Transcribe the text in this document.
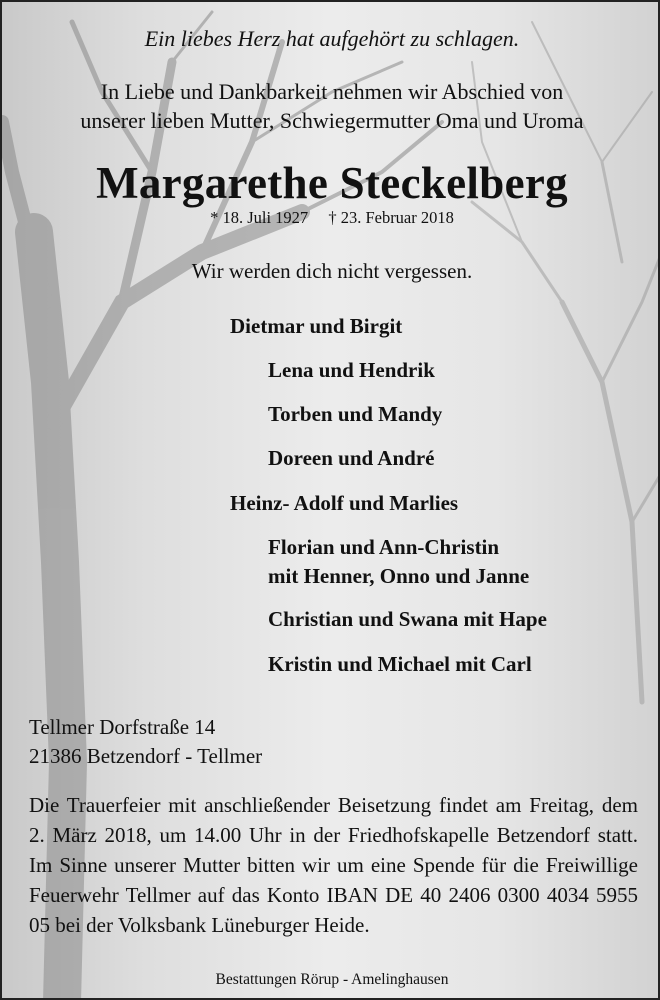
Ein liebes Herz hat aufgehört zu schlagen.
In Liebe und Dankbarkeit nehmen wir Abschied von
unserer lieben Mutter, Schwiegermutter Oma und Uroma
Margarethe Steckelberg
* 18. Juli 1927 † 23. Februar 2018
Wir werden dich nicht vergessen.
Dietmar und Birgit
Lena und Hendrik
Torben und Mandy
Doreen und André
Heinz- Adolf und Marlies
Florian und Ann-Christin
mit Henner, Onno und Janne
Christian und Swana mit Hape
Kristin und Michael mit Carl
Tellmer Dorfstraße 14
21386 Betzendorf - Tellmer
Die Trauerfeier mit anschließender Beisetzung findet am Freitag, dem 2. März 2018, um 14.00 Uhr in der Friedhofskapelle Betzendorf statt. Im Sinne unserer Mutter bitten wir um eine Spende für die Freiwillige Feuerwehr Tellmer auf das Konto IBAN DE 40 2406 0300 4034 5955 05 bei der Volksbank Lüneburger Heide.
Bestattungen Rörup - Amelinghausen
